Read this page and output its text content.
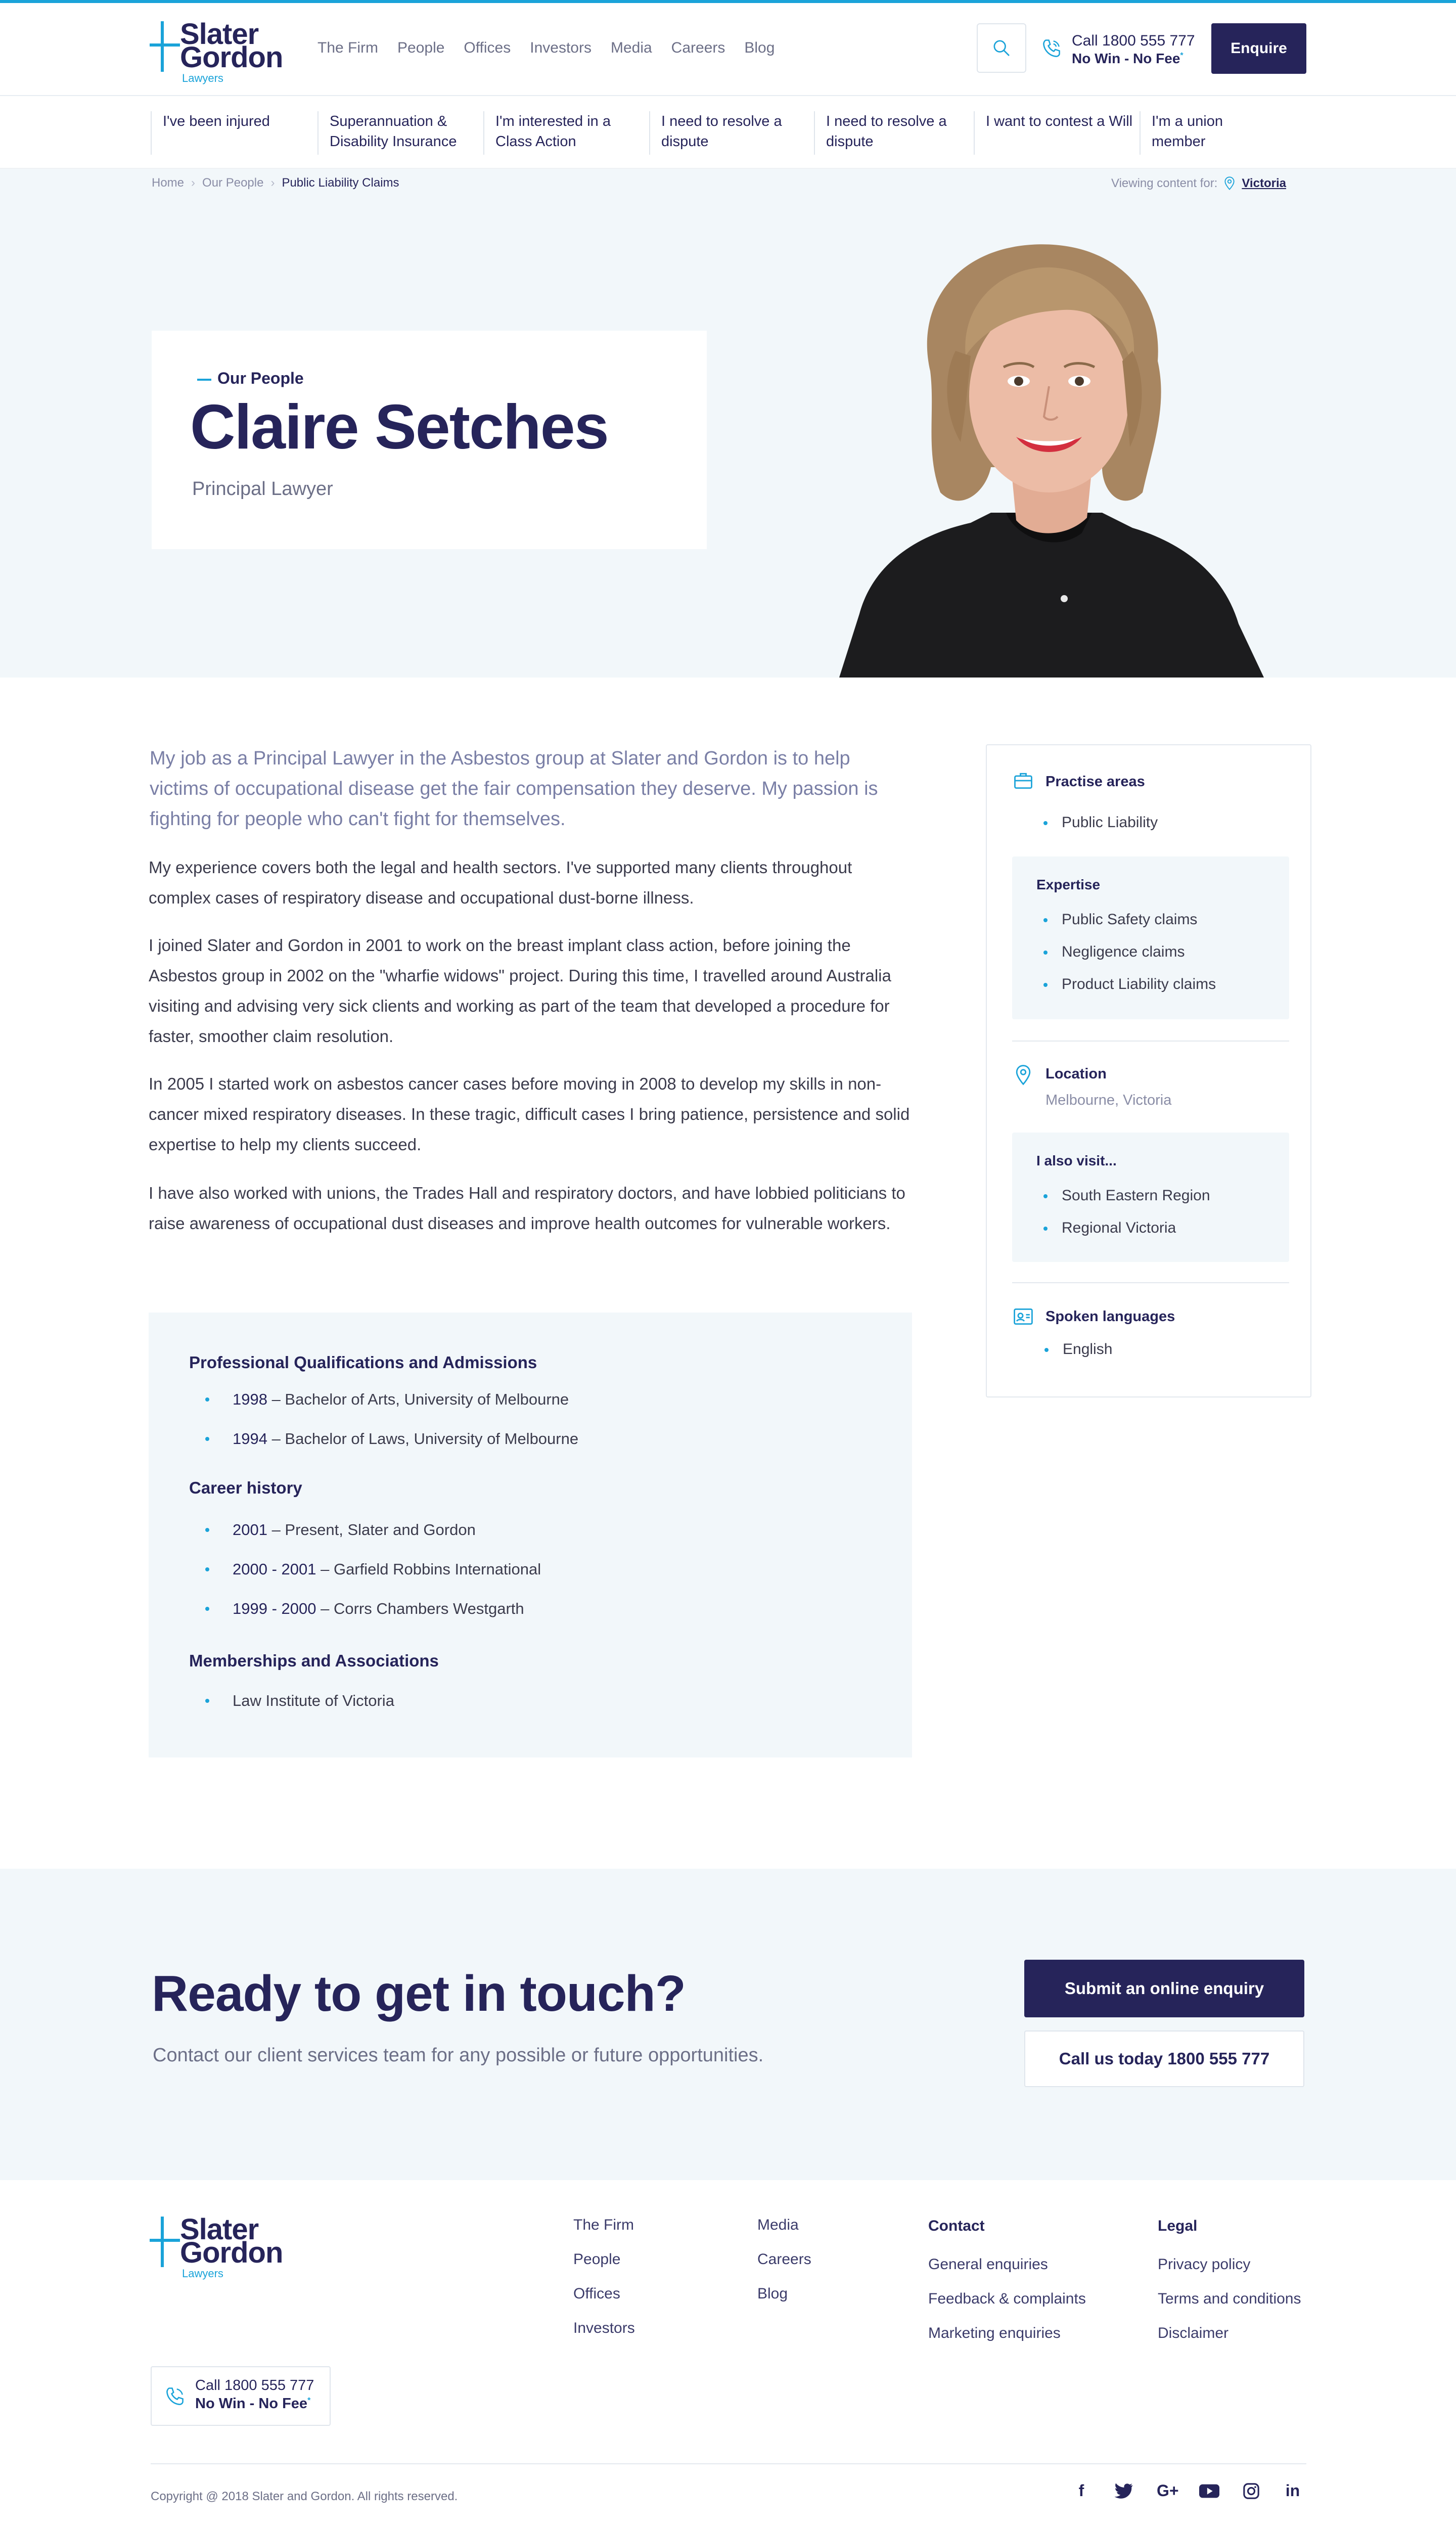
Slater
Gordon
Lawyers
The Firm People Offices Investors Media Careers Blog	Call 1800 555 777
No Win - No Fee*	Enquire
I've been injured	Superannuation & Disability Insurance
I'm interested in a Class Action
I need to resolve a dispute
I need to resolve a dispute
I want to contest a Will	I'm a union member
Home › Our People › Public Liability Claims	Viewing content for: Victoria
Our People
Claire Setches
Principal Lawyer
My job as a Principal Lawyer in the Asbestos group at Slater and Gordon is to help victims of occupational disease get the fair compensation they deserve. My passion is fighting for people who can't fight for themselves.
My experience covers both the legal and health sectors. I've supported many clients throughout complex cases of respiratory disease and occupational dust-borne illness.
I joined Slater and Gordon in 2001 to work on the breast implant class action, before joining the Asbestos group in 2002 on the "wharfie widows" project. During this time, I travelled around Australia visiting and advising very sick clients and working as part of the team that developed a procedure for faster, smoother claim resolution.
In 2005 I started work on asbestos cancer cases before moving in 2008 to develop my skills in non-cancer mixed respiratory diseases. In these tragic, difficult cases I bring patience, persistence and solid expertise to help my clients succeed.
I have also worked with unions, the Trades Hall and respiratory doctors, and have lobbied politicians to raise awareness of occupational dust diseases and improve health outcomes for vulnerable workers.
Professional Qualifications and Admissions
1998 – Bachelor of Arts, University of Melbourne
1994 – Bachelor of Laws, University of Melbourne
Career history
2001 – Present, Slater and Gordon
2000 - 2001 – Garfield Robbins International
1999 - 2000 – Corrs Chambers Westgarth
Memberships and Associations
Law Institute of Victoria
Practise areas
Public Liability
Expertise
Public Safety claims
Negligence claims
Product Liability claims
Location
Melbourne, Victoria
I also visit...
South Eastern Region
Regional Victoria
Spoken languages
English
Ready to get in touch?
Contact our client services team for any possible or future opportunities.
Submit an online enquiry
Call us today 1800 555 777
Slater
Gordon
Lawyers
The Firm
People
Offices
Investors
Media
Careers
Blog
Contact
General enquiries
Feedback & complaints
Marketing enquiries
Legal
Privacy policy
Terms and conditions
Disclaimer
Call 1800 555 777
No Win - No Fee*
Copyright @ 2018 Slater and Gordon. All rights reserved.	f	G+	in
